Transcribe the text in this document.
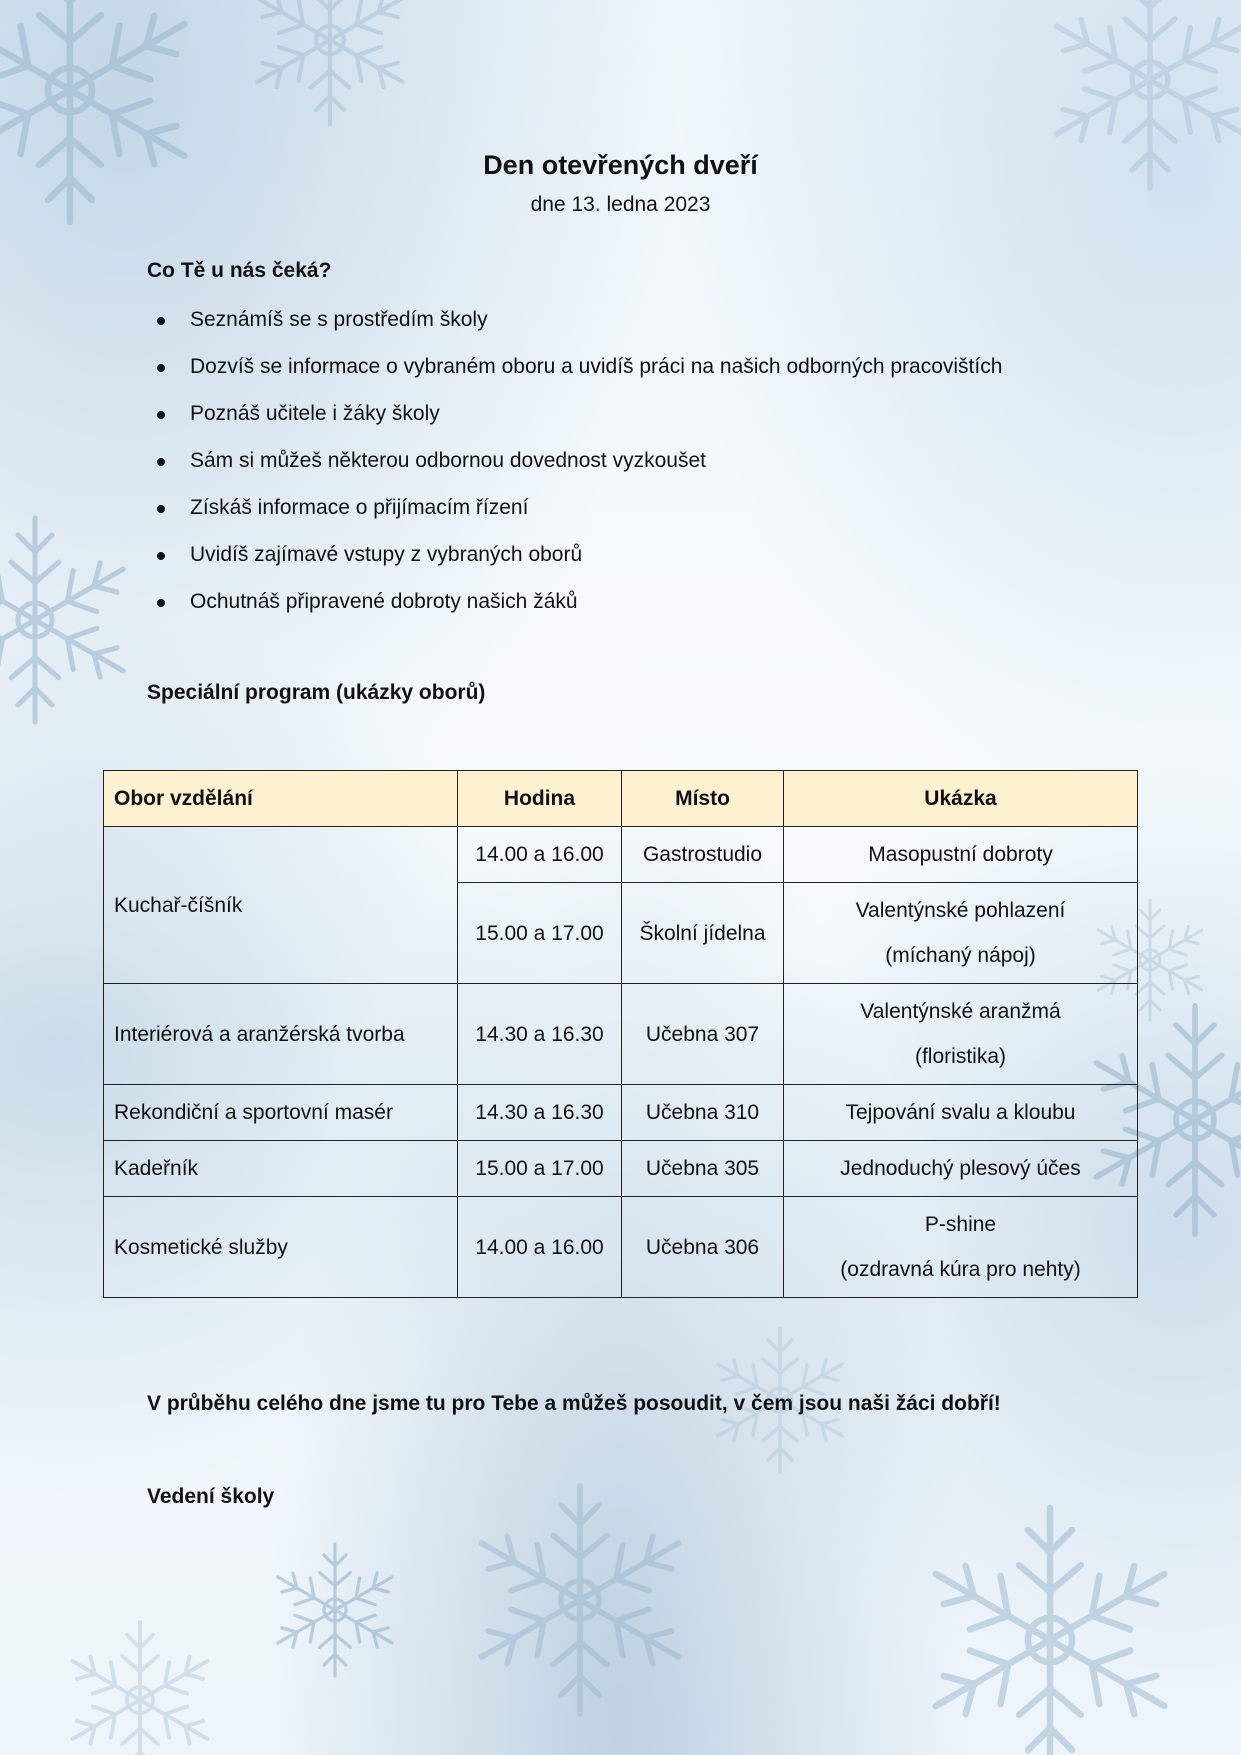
Den otevřených dveří
dne 13. ledna 2023
Co Tě u nás čeká?
Seznámíš se s prostředím školy
Dozvíš se informace o vybraném oboru a uvidíš práci na našich odborných pracovištích
Poznáš učitele i žáky školy
Sám si můžeš některou odbornou dovednost vyzkoušet
Získáš informace o přijímacím řízení
Uvidíš zajímavé vstupy z vybraných oborů
Ochutnáš připravené dobroty našich žáků
Speciální program (ukázky oborů)
Obor vzdělání	Hodina	Místo	Ukázka
Kuchař-číšník	14.00 a 16.00	Gastrostudio	Masopustní dobroty
	15.00 a 17.00	Školní jídelna	Valentýnské pohlazení
(míchaný nápoj)

Interiérová a aranžérská tvorba	14.30 a 16.30	Učebna 307	Valentýnské aranžmá
(floristika)

Rekondiční a sportovní masér	14.30 a 16.30	Učebna 310	Tejpování svalu a kloubu
Kadeřník	15.00 a 17.00	Učebna 305	Jednoduchý plesový účes
Kosmetické služby	14.00 a 16.00	Učebna 306	P-shine
(ozdravná kúra pro nehty)
V průběhu celého dne jsme tu pro Tebe a můžeš posoudit, v čem jsou naši žáci dobří!
Vedení školy
